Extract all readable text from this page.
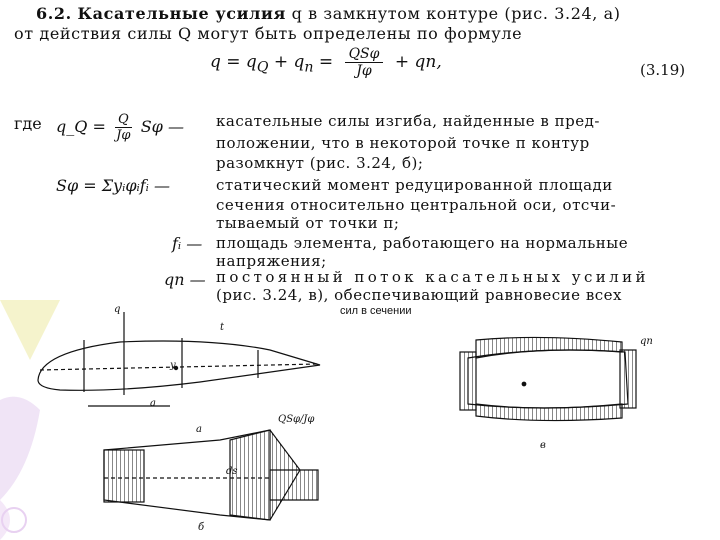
6.2. Касательные усилия q в замкнутом контуре (рис. 3.24, а)
от действия силы Q могут быть определены по формуле
$q = q_Q + q_п = QS\varphi$
Jφ	+ qп,	(3.19)
где q_Q = $\frac{Q}{J\varphi}$ Sφ — касательные силы изгиба, найденные в пред-
положении, что в некоторой точке п контур
разомкнут (рис. 3.24, б);
Sφ = Σyᵢφᵢfᵢ —	статический момент редуцированной площади
сечения относительно центральной оси, отсчи-
тываемый от точки п;
fᵢ — площадь элемента, работающего на нормальные
напряжения;
qп — постоянный поток касательных усилий
(рис. 3.24, в), обеспечивающий равновесие всех
сил в сечении
а
б
в
q
y
a
t
ds
QSφ/Jφ
qп
